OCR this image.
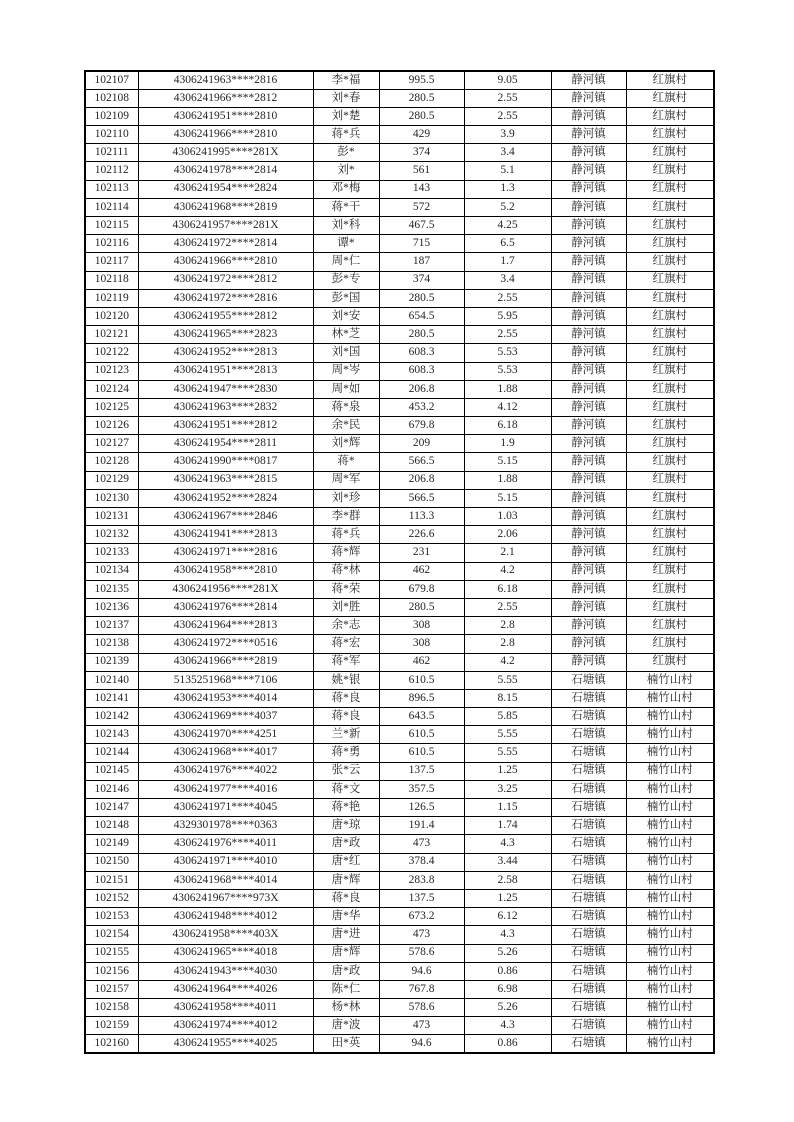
102107	4306241963****2816	李*福	995.5	9.05	静河镇	红旗村
102108	4306241966****2812	刘*春	280.5	2.55	静河镇	红旗村
102109	4306241951****2810	刘*楚	280.5	2.55	静河镇	红旗村
102110	4306241966****2810	蒋*兵	429	3.9	静河镇	红旗村
102111	4306241995****281X	彭*	374	3.4	静河镇	红旗村
102112	4306241978****2814	刘*	561	5.1	静河镇	红旗村
102113	4306241954****2824	邓*梅	143	1.3	静河镇	红旗村
102114	4306241968****2819	蒋*干	572	5.2	静河镇	红旗村
102115	4306241957****281X	刘*科	467.5	4.25	静河镇	红旗村
102116	4306241972****2814	谭*	715	6.5	静河镇	红旗村
102117	4306241966****2810	周*仁	187	1.7	静河镇	红旗村
102118	4306241972****2812	彭*专	374	3.4	静河镇	红旗村
102119	4306241972****2816	彭*国	280.5	2.55	静河镇	红旗村
102120	4306241955****2812	刘*安	654.5	5.95	静河镇	红旗村
102121	4306241965****2823	林*芝	280.5	2.55	静河镇	红旗村
102122	4306241952****2813	刘*国	608.3	5.53	静河镇	红旗村
102123	4306241951****2813	周*岑	608.3	5.53	静河镇	红旗村
102124	4306241947****2830	周*如	206.8	1.88	静河镇	红旗村
102125	4306241963****2832	蒋*泉	453.2	4.12	静河镇	红旗村
102126	4306241951****2812	余*民	679.8	6.18	静河镇	红旗村
102127	4306241954****2811	刘*辉	209	1.9	静河镇	红旗村
102128	4306241990****0817	蒋*	566.5	5.15	静河镇	红旗村
102129	4306241963****2815	周*军	206.8	1.88	静河镇	红旗村
102130	4306241952****2824	刘*珍	566.5	5.15	静河镇	红旗村
102131	4306241967****2846	李*群	113.3	1.03	静河镇	红旗村
102132	4306241941****2813	蒋*兵	226.6	2.06	静河镇	红旗村
102133	4306241971****2816	蒋*辉	231	2.1	静河镇	红旗村
102134	4306241958****2810	蒋*林	462	4.2	静河镇	红旗村
102135	4306241956****281X	蒋*荣	679.8	6.18	静河镇	红旗村
102136	4306241976****2814	刘*胜	280.5	2.55	静河镇	红旗村
102137	4306241964****2813	余*志	308	2.8	静河镇	红旗村
102138	4306241972****0516	蒋*宏	308	2.8	静河镇	红旗村
102139	4306241966****2819	蒋*军	462	4.2	静河镇	红旗村
102140	5135251968****7106	姚*银	610.5	5.55	石塘镇	楠竹山村
102141	4306241953****4014	蒋*良	896.5	8.15	石塘镇	楠竹山村
102142	4306241969****4037	蒋*良	643.5	5.85	石塘镇	楠竹山村
102143	4306241970****4251	兰*新	610.5	5.55	石塘镇	楠竹山村
102144	4306241968****4017	蒋*勇	610.5	5.55	石塘镇	楠竹山村
102145	4306241976****4022	张*云	137.5	1.25	石塘镇	楠竹山村
102146	4306241977****4016	蒋*文	357.5	3.25	石塘镇	楠竹山村
102147	4306241971****4045	蒋*艳	126.5	1.15	石塘镇	楠竹山村
102148	4329301978****0363	唐*琼	191.4	1.74	石塘镇	楠竹山村
102149	4306241976****4011	唐*政	473	4.3	石塘镇	楠竹山村
102150	4306241971****4010	唐*红	378.4	3.44	石塘镇	楠竹山村
102151	4306241968****4014	唐*辉	283.8	2.58	石塘镇	楠竹山村
102152	4306241967****973X	蒋*良	137.5	1.25	石塘镇	楠竹山村
102153	4306241948****4012	唐*华	673.2	6.12	石塘镇	楠竹山村
102154	4306241958****403X	唐*进	473	4.3	石塘镇	楠竹山村
102155	4306241965****4018	唐*辉	578.6	5.26	石塘镇	楠竹山村
102156	4306241943****4030	唐*政	94.6	0.86	石塘镇	楠竹山村
102157	4306241964****4026	陈*仁	767.8	6.98	石塘镇	楠竹山村
102158	4306241958****4011	杨*林	578.6	5.26	石塘镇	楠竹山村
102159	4306241974****4012	唐*波	473	4.3	石塘镇	楠竹山村
102160	4306241955****4025	田*英	94.6	0.86	石塘镇	楠竹山村
